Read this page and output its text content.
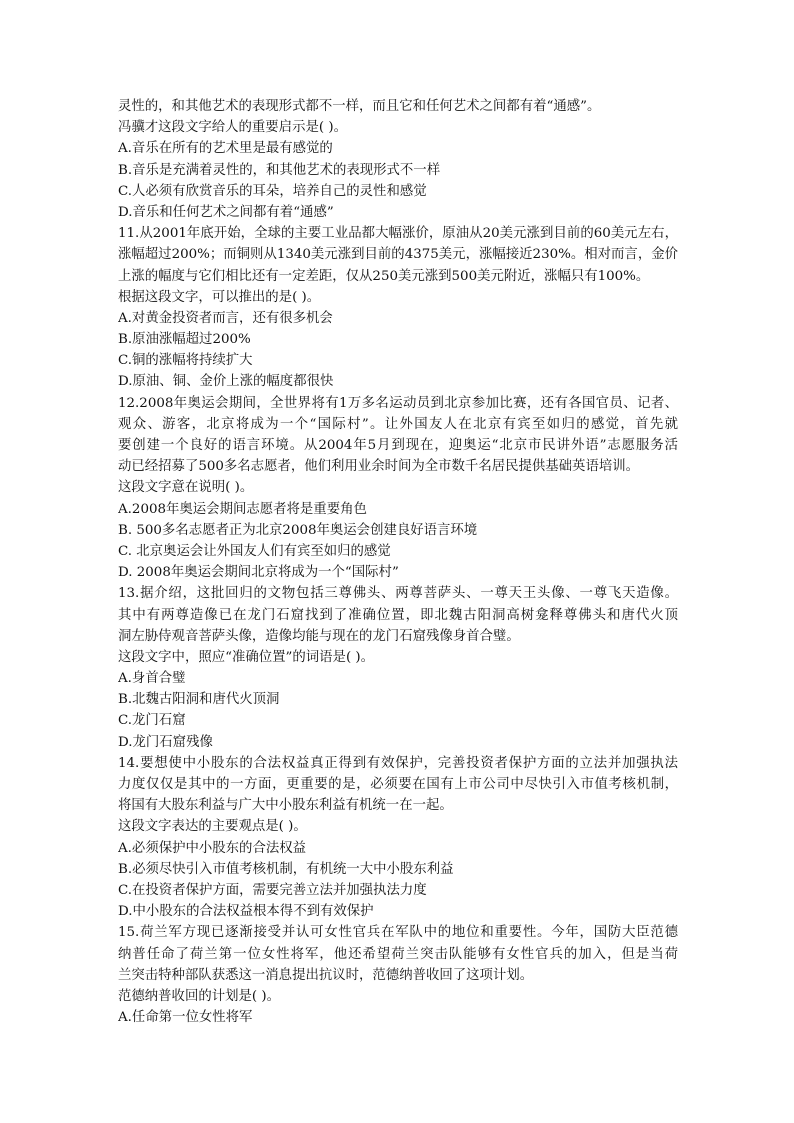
灵性的，和其他艺术的表现形式都不一样，而且它和任何艺术之间都有着“通感”。
冯骥才这段文字给人的重要启示是( )。
A.音乐在所有的艺术里是最有感觉的
B.音乐是充满着灵性的，和其他艺术的表现形式不一样
C.人必须有欣赏音乐的耳朵，培养自己的灵性和感觉
D.音乐和任何艺术之间都有着“通感”
11.从2001年底开始，全球的主要工业品都大幅涨价，原油从20美元涨到目前的60美元左右，
涨幅超过200%；而铜则从1340美元涨到目前的4375美元，涨幅接近230%。相对而言，金价
上涨的幅度与它们相比还有一定差距，仅从250美元涨到500美元附近，涨幅只有100%。
根据这段文字，可以推出的是( )。
A.对黄金投资者而言，还有很多机会
B.原油涨幅超过200%
C.铜的涨幅将持续扩大
D.原油、铜、金价上涨的幅度都很快
12.2008年奥运会期间，全世界将有1万多名运动员到北京参加比赛，还有各国官员、记者、
观众、游客，北京将成为一个“国际村”。让外国友人在北京有宾至如归的感觉，首先就
要创建一个良好的语言环境。从2004年5月到现在，迎奥运“北京市民讲外语”志愿服务活
动已经招募了500多名志愿者，他们利用业余时间为全市数千名居民提供基础英语培训。
这段文字意在说明( )。
A.2008年奥运会期间志愿者将是重要角色
B. 500多名志愿者正为北京2008年奥运会创建良好语言环境
C. 北京奥运会让外国友人们有宾至如归的感觉
D. 2008年奥运会期间北京将成为一个“国际村”
13.据介绍，这批回归的文物包括三尊佛头、两尊菩萨头、一尊天王头像、一尊飞天造像。
其中有两尊造像已在龙门石窟找到了准确位置，即北魏古阳洞高树龛释尊佛头和唐代火顶
洞左胁侍观音菩萨头像，造像均能与现在的龙门石窟残像身首合璧。
这段文字中，照应“准确位置”的词语是( )。
A.身首合璧
B.北魏古阳洞和唐代火顶洞
C.龙门石窟
D.龙门石窟残像
14.要想使中小股东的合法权益真正得到有效保护，完善投资者保护方面的立法并加强执法
力度仅仅是其中的一方面，更重要的是，必须要在国有上市公司中尽快引入市值考核机制，
将国有大股东利益与广大中小股东利益有机统一在一起。
这段文字表达的主要观点是( )。
A.必须保护中小股东的合法权益
B.必须尽快引入市值考核机制，有机统一大中小股东利益
C.在投资者保护方面，需要完善立法并加强执法力度
D.中小股东的合法权益根本得不到有效保护
15.荷兰军方现已逐渐接受并认可女性官兵在军队中的地位和重要性。今年，国防大臣范德
纳普任命了荷兰第一位女性将军，他还希望荷兰突击队能够有女性官兵的加入，但是当荷
兰突击特种部队获悉这一消息提出抗议时，范德纳普收回了这项计划。
范德纳普收回的计划是( )。
A.任命第一位女性将军
